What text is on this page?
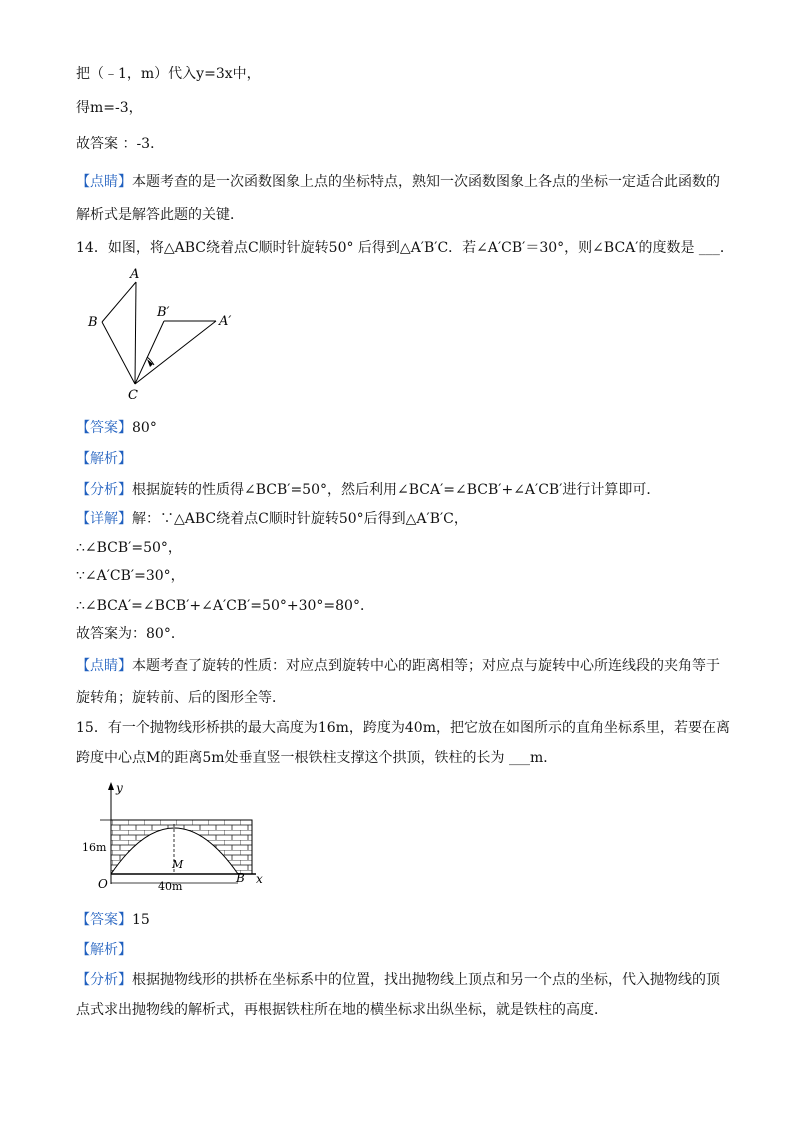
把（﹣1，m）代入y=3x中，
得m=-3，
故答案 ：-3．
【点睛】本题考查的是一次函数图象上点的坐标特点，熟知一次函数图象上各点的坐标一定适合此函数的
解析式是解答此题的关键．
14．如图，将△ABC绕着点C顺时针旋转50° 后得到△A′B′C．若∠A′CB′＝30°，则∠BCA′的度数是 ___．
A
B
C
B′
A′
【答案】80°
【解析】
【分析】根据旋转的性质得∠BCB′=50°，然后利用∠BCA′=∠BCB′+∠A′CB′进行计算即可．
【详解】解：∵△ABC绕着点C顺时针旋转50°后得到△A′B′C，
∴∠BCB′=50°，
∵∠A′CB′=30°，
∴∠BCA′=∠BCB′+∠A′CB′=50°+30°=80°．
故答案为：80°．
【点睛】本题考查了旋转的性质：对应点到旋转中心的距离相等；对应点与旋转中心所连线段的夹角等于
旋转角；旋转前、后的图形全等．
15．有一个抛物线形桥拱的最大高度为16m，跨度为40m，把它放在如图所示的直角坐标系里，若要在离
跨度中心点M的距离5m处垂直竖一根铁柱支撑这个拱顶，铁柱的长为 ___m．
y
x
O	B
M
16m
40m
【答案】15
【解析】
【分析】根据抛物线形的拱桥在坐标系中的位置，找出抛物线上顶点和另一个点的坐标，代入抛物线的顶
点式求出抛物线的解析式，再根据铁柱所在地的横坐标求出纵坐标，就是铁柱的高度．
